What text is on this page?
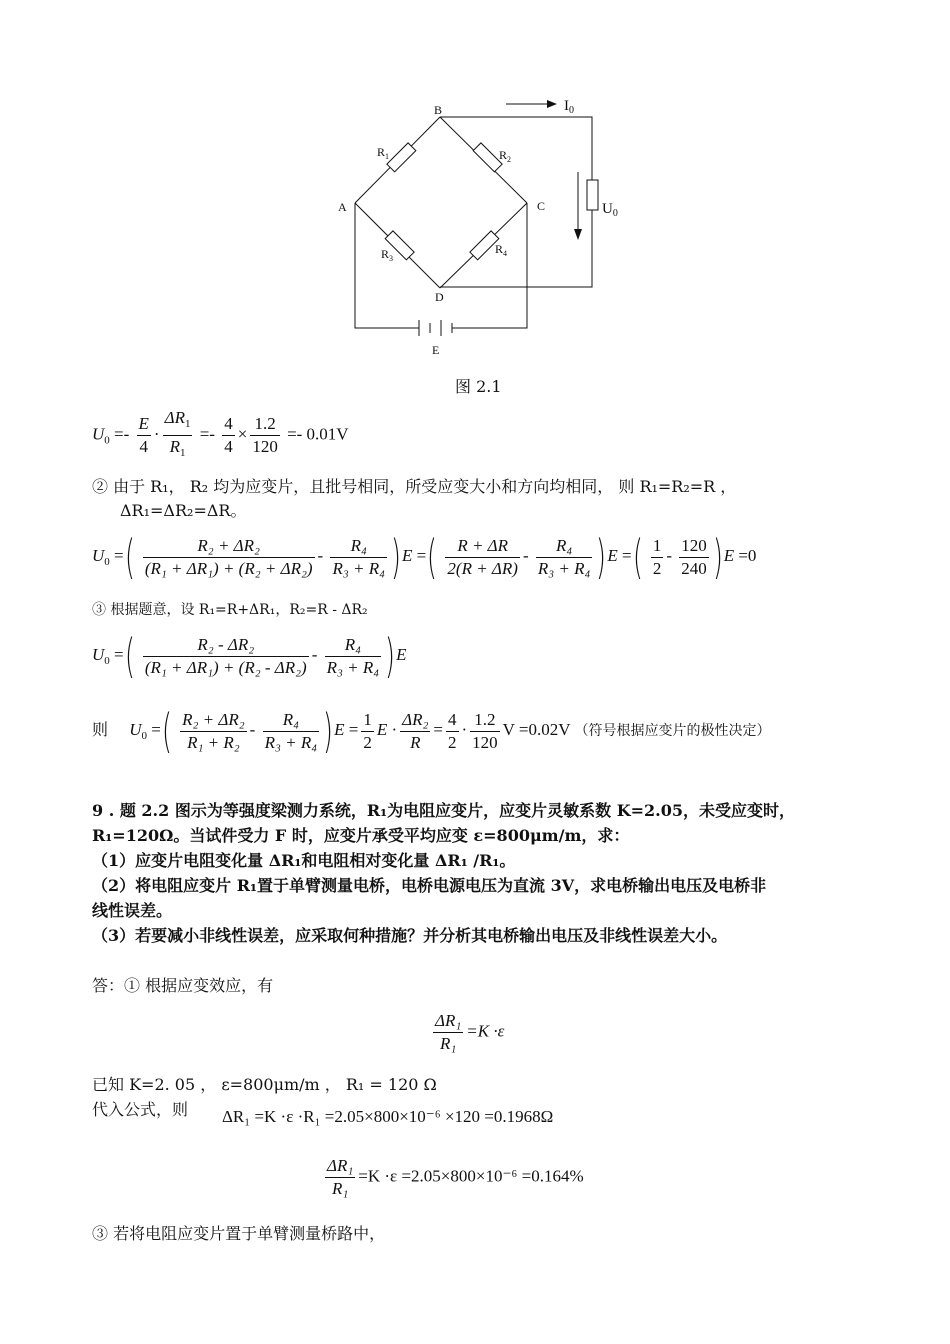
A
B
C
D
E
$R_1$	$R_2$
$R_3$
$R_4$
$I_0$
$U_0$
图 2.1
$U_0 =- \frac{E}{4} \cdot \frac{\Delta R_1}{R_1} =- \frac{4}{4} \times \frac{1.2}{120} =- 0.01V$
② 由于 R₁， R₂ 均为应变片，且批号相同，所受应变大小和方向均相同， 则 R₁=R₂=R ，
ΔR₁=ΔR₂=ΔR。
$U_0$ =( $\frac{\text{R₂ + ΔR₂}}{\text{(R₁ + ΔR₁) + (R₂ + ΔR₂)}} - \frac{\text{R₄}}{\text{R₃ + R₄}} )E$ =( $\frac{R + \Delta R}{2(R + \Delta R)} - \frac{\text{R₄}}{\text{R₃ + R₄}} )E$ =( $\frac{1}{2} - \frac{120}{240} )E =0$
③ 根据题意，设 R₁=R+ΔR₁，R₂=R - ΔR₂
$U_0$ =( $\frac{\text{R₂ - ΔR₂}}{\text{(R₁ + ΔR₁) + (R₂ - ΔR₂)}} - \frac{\text{R₄}}{\text{R₃ + R₄}} )E$
则 $U_0$ =( $\frac{\text{R₂ + ΔR₂}}{\text{R₁ + R₂}} - \frac{\text{R₄}}{\text{R₃ + R₄}} )E = \frac{1}{2}$ $E \cdot \frac{\text{ΔR₂}}{R} = \frac{4}{2} \cdot \frac{1.2}{120}$ V =0.02V （符号根据应变片的极性决定）
9 . 题 2.2 图示为等强度梁测力系统，R₁为电阻应变片，应变片灵敏系数 K=2.05，未受应变时，
R₁=120Ω。当试件受力 F 时，应变片承受平均应变 ε=800μm/m，求：
（1）应变片电阻变化量 ΔR₁和电阻相对变化量 ΔR₁ /R₁。
（2）将电阻应变片 R₁置于单臂测量电桥，电桥电源电压为直流 3V，求电桥输出电压及电桥非
线性误差。
（3）若要减小非线性误差，应采取何种措施？并分析其电桥输出电压及非线性误差大小。
答：① 根据应变效应，有
$\frac{\text{ΔR₁}}{\text{R₁}} =K \cdot\varepsilon$
已知 K=2. 05 ， ε=800μm/m ， R₁ = 120 Ω
代入公式，则 ΔR₁ =K ·ε ·R₁ =2.05×800×10⁻⁶ ×120 =0.1968Ω
$\frac{\text{ΔR₁}}{\text{R₁}} =K \cdot\varepsilon =2.05\times 800\times 10^{-6} =0.164\%$
③ 若将电阻应变片置于单臂测量桥路中，
